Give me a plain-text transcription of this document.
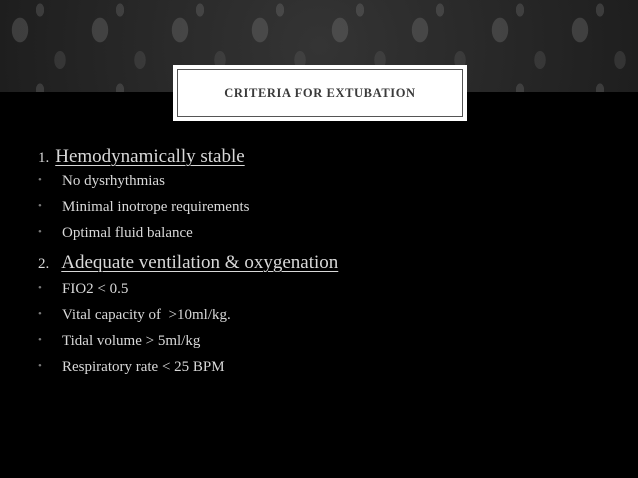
CRITERIA FOR EXTUBATION
1. Hemodynamically stable
•	No dysrhythmias
•	Minimal inotrope requirements
•	Optimal fluid balance
2. Adequate ventilation & oxygenation
•	FIO2 < 0.5
•	Vital capacity of  >10ml/kg.
•	Tidal volume > 5ml/kg
•	Respiratory rate < 25 BPM
